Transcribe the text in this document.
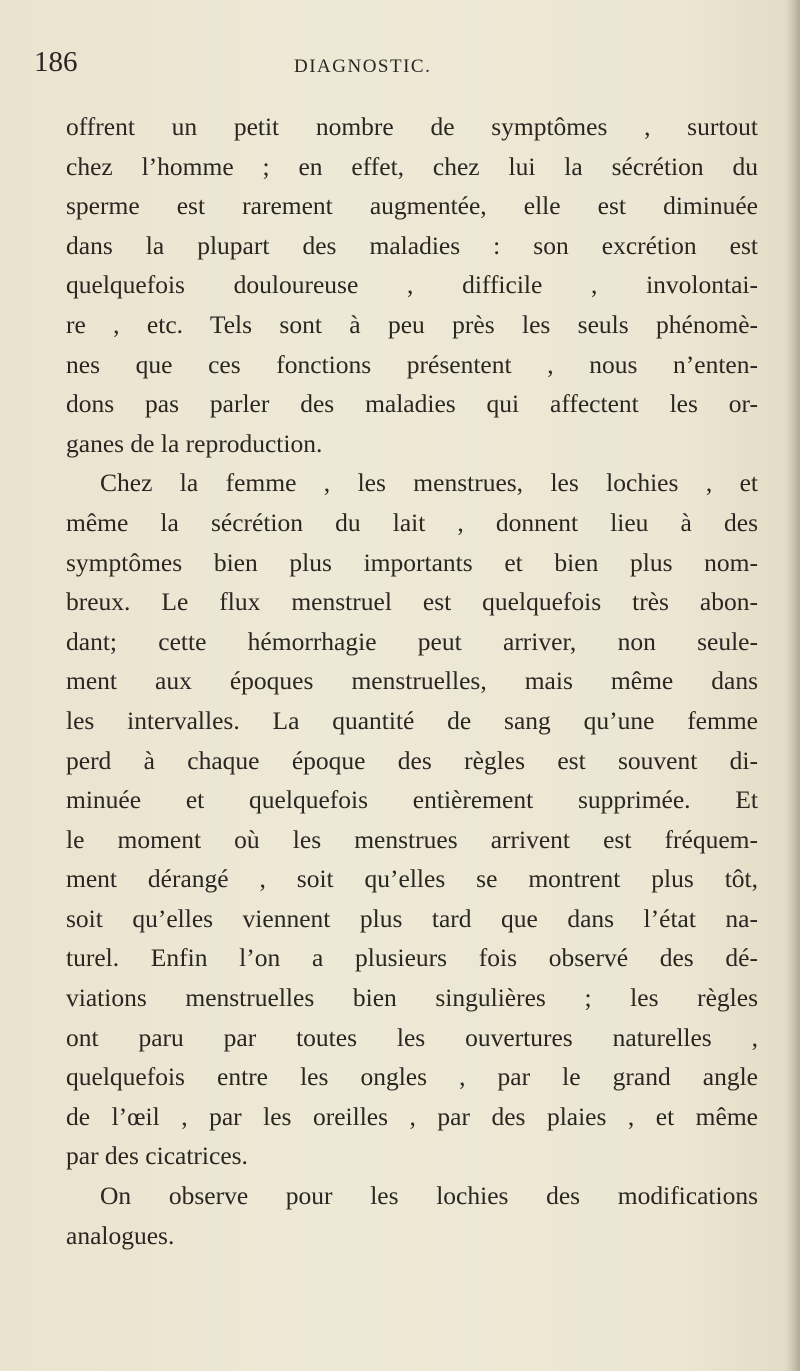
186	DIAGNOSTIC.
offrent un petit nombre de symptômes , surtout
chez l’homme ; en effet, chez lui la sécrétion du
sperme est rarement augmentée, elle est diminuée
dans la plupart des maladies : son excrétion est
quelquefois douloureuse , difficile , involontai-
re , etc. Tels sont à peu près les seuls phénomè-
nes que ces fonctions présentent , nous n’enten-
dons pas parler des maladies qui affectent les or-
ganes de la reproduction.
Chez la femme , les menstrues, les lochies , et
même la sécrétion du lait , donnent lieu à des
symptômes bien plus importants et bien plus nom-
breux. Le flux menstruel est quelquefois très abon-
dant; cette hémorrhagie peut arriver, non seule-
ment aux époques menstruelles, mais même dans
les intervalles. La quantité de sang qu’une femme
perd à chaque époque des règles est souvent di-
minuée et quelquefois entièrement supprimée. Et
le moment où les menstrues arrivent est fréquem-
ment dérangé , soit qu’elles se montrent plus tôt,
soit qu’elles viennent plus tard que dans l’état na-
turel. Enfin l’on a plusieurs fois observé des dé-
viations menstruelles bien singulières ; les règles
ont paru par toutes les ouvertures naturelles ,
quelquefois entre les ongles , par le grand angle
de l’œil , par les oreilles , par des plaies , et même
par des cicatrices.
On observe pour les lochies des modifications
analogues.
